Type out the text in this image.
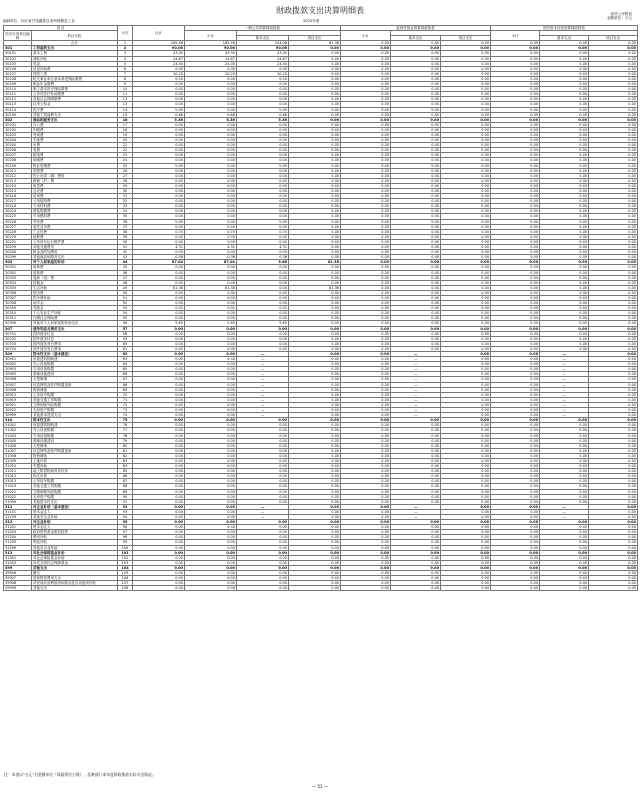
财政拨款支出决算明细表	财决公开附表
金额单位：万元
编制单位：四川省甘孜藏族自治州理塘县工业	2023年度
项 目		行次	合计	一般公共预算财政拨款			政府性基金预算财政拨款			国有资本经营预算财政拨款		
经济分类科目编码	科目名称			小计			小计			小计		
					基本支出	项目支出		基本支出	项目支出		基本支出	项目支出
	合计	1	185.46	185.46	104.08	81.38	0.00	0.00	0.00	0.00	0.00	0.00
301	工资福利支出	2	90.06	90.06	90.06	0.00	0.00	0.00	0.00	0.00	0.00	0.00
30101	基本工资	3	43.30	43.30	43.30	0.00	0.00	0.00	0.00	0.00	0.00	0.00
30102	津贴补贴	4	14.87	14.87	14.87	0.00	0.00	0.00	0.00	0.00	0.00	0.00
30103	奖金	5	24.00	24.00	24.00	0.00	0.00	0.00	0.00	0.00	0.00	0.00
30106	伙食补助费	6	0.00	0.00	0.00	0.00	0.00	0.00	0.00	0.00	0.00	0.00
30107	绩效工资	7	10.20	10.20	10.20	0.00	0.00	0.00	0.00	0.00	0.00	0.00
30108	机关事业单位基本养老保险缴费	8	0.00	0.00	0.00	0.00	0.00	0.00	0.00	0.00	0.00	0.00
30109	职业年金缴费	9	0.00	0.00	0.00	0.00	0.00	0.00	0.00	0.00	0.00	0.00
30110	职工基本医疗保险缴费	10	0.00	0.00	0.00	0.00	0.00	0.00	0.00	0.00	0.00	0.00
30111	公务员医疗补助缴费	11	0.00	0.00	0.00	0.00	0.00	0.00	0.00	0.00	0.00	0.00
30112	其他社会保障缴费	12	0.00	0.00	0.00	0.00	0.00	0.00	0.00	0.00	0.00	0.00
30113	住房公积金	13	0.00	0.00	0.00	0.00	0.00	0.00	0.00	0.00	0.00	0.00
30114	医疗费	14	0.00	0.00	0.00	0.00	0.00	0.00	0.00	0.00	0.00	0.00
30199	其他工资福利支出	15	0.68	0.68	0.68	0.00	0.00	0.00	0.00	0.00	0.00	0.00
302	商品和服务支出	16	5.36	5.36	5.36	0.00	0.00	0.00	0.00	0.00	0.00	0.00
30201	办公费	17	0.00	0.00	0.00	0.00	0.00	0.00	0.00	0.00	0.00	0.00
30202	印刷费	18	0.00	0.00	0.00	0.00	0.00	0.00	0.00	0.00	0.00	0.00
30203	咨询费	19	0.00	0.00	0.00	0.00	0.00	0.00	0.00	0.00	0.00	0.00
30204	手续费	20	0.00	0.00	0.00	0.00	0.00	0.00	0.00	0.00	0.00	0.00
30205	水费	21	0.00	0.00	0.00	0.00	0.00	0.00	0.00	0.00	0.00	0.00
30206	电费	22	0.00	0.00	0.00	0.00	0.00	0.00	0.00	0.00	0.00	0.00
30207	邮电费	23	0.00	0.00	0.00	0.00	0.00	0.00	0.00	0.00	0.00	0.00
30208	取暖费	24	0.00	0.00	0.00	0.00	0.00	0.00	0.00	0.00	0.00	0.00
30209	物业管理费	25	0.00	0.00	0.00	0.00	0.00	0.00	0.00	0.00	0.00	0.00
30211	差旅费	26	0.00	0.00	0.00	0.00	0.00	0.00	0.00	0.00	0.00	0.00
30212	因公出国（境）费用	27	0.00	0.00	0.00	0.00	0.00	0.00	0.00	0.00	0.00	0.00
30213	维修（护）费	28	0.00	0.00	0.00	0.00	0.00	0.00	0.00	0.00	0.00	0.00
30214	租赁费	29	0.00	0.00	0.00	0.00	0.00	0.00	0.00	0.00	0.00	0.00
30215	会议费	30	0.00	0.00	0.00	0.00	0.00	0.00	0.00	0.00	0.00	0.00
30216	培训费	31	0.00	0.00	0.00	0.00	0.00	0.00	0.00	0.00	0.00	0.00
30217	公务接待费	32	0.00	0.00	0.00	0.00	0.00	0.00	0.00	0.00	0.00	0.00
30218	专用材料费	33	0.00	0.00	0.00	0.00	0.00	0.00	0.00	0.00	0.00	0.00
30224	被装购置费	34	0.00	0.00	0.00	0.00	0.00	0.00	0.00	0.00	0.00	0.00
30225	专用燃料费	35	0.00	0.00	0.00	0.00	0.00	0.00	0.00	0.00	0.00	0.00
30226	劳务费	36	0.00	0.00	0.00	0.00	0.00	0.00	0.00	0.00	0.00	0.00
30227	委托业务费	37	0.00	0.00	0.00	0.00	0.00	0.00	0.00	0.00	0.00	0.00
30228	工会经费	38	0.70	0.70	0.70	0.00	0.00	0.00	0.00	0.00	0.00	0.00
30229	福利费	39	0.00	0.00	0.00	0.00	0.00	0.00	0.00	0.00	0.00	0.00
30231	公务用车运行维护费	40	0.00	0.00	0.00	0.00	0.00	0.00	0.00	0.00	0.00	0.00
30239	其他交通费用	41	4.31	4.31	4.31	0.00	0.00	0.00	0.00	0.00	0.00	0.00
30240	税金及附加费用	42	0.00	0.00	0.00	0.00	0.00	0.00	0.00	0.00	0.00	0.00
30299	其他商品和服务支出	43	0.36	0.36	0.36	0.00	0.00	0.00	0.00	0.00	0.00	0.00
303	对个人和家庭的补助	44	87.04	87.04	5.66	81.38	0.00	0.00	0.00	0.00	0.00	0.00
30301	离休费	45	0.00	0.00	0.00	0.00	0.00	0.00	0.00	0.00	0.00	0.00
30302	退休费	46	0.00	0.00	0.00	0.00	0.00	0.00	0.00	0.00	0.00	0.00
30303	退职（役）费	47	0.00	0.00	0.00	0.00	0.00	0.00	0.00	0.00	0.00	0.00
30304	抚恤金	48	0.00	0.00	0.00	0.00	0.00	0.00	0.00	0.00	0.00	0.00
30305	生活补助	49	81.38	81.38	0.00	81.38	0.00	0.00	0.00	0.00	0.00	0.00
30306	救济费	50	0.00	0.00	0.00	0.00	0.00	0.00	0.00	0.00	0.00	0.00
30307	医疗费补助	51	0.00	0.00	0.00	0.00	0.00	0.00	0.00	0.00	0.00	0.00
30308	助学金	52	0.00	0.00	0.00	0.00	0.00	0.00	0.00	0.00	0.00	0.00
30309	奖励金	53	0.01	0.01	0.01	0.00	0.00	0.00	0.00	0.00	0.00	0.00
30310	个人农业生产补贴	54	0.00	0.00	0.00	0.00	0.00	0.00	0.00	0.00	0.00	0.00
30311	代缴社会保险费	55	0.00	0.00	0.00	0.00	0.00	0.00	0.00	0.00	0.00	0.00
30399	其他对个人和家庭的补助支出	56	5.65	5.65	5.65	0.00	0.00	0.00	0.00	0.00	0.00	0.00
307	债务利息及费用支出	57	0.00	0.00	0.00	0.00	0.00	0.00	0.00	0.00	0.00	0.00
30701	国内债务付息	58	0.00	0.00	0.00	0.00	0.00	0.00	0.00	0.00	0.00	0.00
30702	国外债务付息	59	0.00	0.00	0.00	0.00	0.00	0.00	0.00	0.00	0.00	0.00
30703	国内债务发行费用	60	0.00	0.00	0.00	0.00	0.00	0.00	0.00	0.00	0.00	0.00
30704	国外债务发行费用	61	0.00	0.00	0.00	0.00	0.00	0.00	0.00	0.00	0.00	0.00
309	资本性支出（基本建设）	62	0.00	0.00	—	0.00	0.00	—	0.00	0.00	—	0.00
30901	房屋建筑物购建	63	0.00	0.00	—	0.00	0.00	—	0.00	0.00	—	0.00
30902	办公设备购置	64	0.00	0.00	—	0.00	0.00	—	0.00	0.00	—	0.00
30903	专用设备购置	65	0.00	0.00	—	0.00	0.00	—	0.00	0.00	—	0.00
30905	基础设施建设	66	0.00	0.00	—	0.00	0.00	—	0.00	0.00	—	0.00
30906	大型修缮	67	0.00	0.00	—	0.00	0.00	—	0.00	0.00	—	0.00
30907	信息网络及软件购置更新	68	0.00	0.00	—	0.00	0.00	—	0.00	0.00	—	0.00
30908	物资储备	69	0.00	0.00	—	0.00	0.00	—	0.00	0.00	—	0.00
30913	公务用车购置	70	0.00	0.00	—	0.00	0.00	—	0.00	0.00	—	0.00
30919	其他交通工具购置	71	0.00	0.00	—	0.00	0.00	—	0.00	0.00	—	0.00
30921	文物和陈列品购置	72	0.00	0.00	—	0.00	0.00	—	0.00	0.00	—	0.00
30922	无形资产购置	73	0.00	0.00	—	0.00	0.00	—	0.00	0.00	—	0.00
30999	其他基本建设支出	74	0.00	0.00	—	0.00	0.00	—	0.00	0.00	—	0.00
310	资本性支出	75	0.00	0.00	0.00	0.00	0.00	0.00	0.00	0.00	0.00	0.00
31001	房屋建筑物购建	76	0.00	0.00	0.00	0.00	0.00	0.00	0.00	0.00	0.00	0.00
31002	办公设备购置	77	0.00	0.00	0.00	0.00	0.00	0.00	0.00	0.00	0.00	0.00
31003	专用设备购置	78	0.00	0.00	0.00	0.00	0.00	0.00	0.00	0.00	0.00	0.00
31005	基础设施建设	79	0.00	0.00	0.00	0.00	0.00	0.00	0.00	0.00	0.00	0.00
31006	大型修缮	80	0.00	0.00	0.00	0.00	0.00	0.00	0.00	0.00	0.00	0.00
31007	信息网络及软件购置更新	81	0.00	0.00	0.00	0.00	0.00	0.00	0.00	0.00	0.00	0.00
31008	物资储备	82	0.00	0.00	0.00	0.00	0.00	0.00	0.00	0.00	0.00	0.00
31009	土地补偿	83	0.00	0.00	0.00	0.00	0.00	0.00	0.00	0.00	0.00	0.00
31010	安置补助	84	0.00	0.00	0.00	0.00	0.00	0.00	0.00	0.00	0.00	0.00
31011	地上附着物和青苗补偿	85	0.00	0.00	0.00	0.00	0.00	0.00	0.00	0.00	0.00	0.00
31012	拆迁补偿	86	0.00	0.00	0.00	0.00	0.00	0.00	0.00	0.00	0.00	0.00
31013	公务用车购置	87	0.00	0.00	0.00	0.00	0.00	0.00	0.00	0.00	0.00	0.00
31019	其他交通工具购置	88	0.00	0.00	0.00	0.00	0.00	0.00	0.00	0.00	0.00	0.00
31021	文物和陈列品购置	89	0.00	0.00	0.00	0.00	0.00	0.00	0.00	0.00	0.00	0.00
31022	无形资产购置	90	0.00	0.00	0.00	0.00	0.00	0.00	0.00	0.00	0.00	0.00
31099	其他资本性支出	91	0.00	0.00	0.00	0.00	0.00	0.00	0.00	0.00	0.00	0.00
311	对企业补助（基本建设）	92	0.00	0.00	—	0.00	0.00	—	0.00	0.00	—	0.00
31101	资本金注入	93	0.00	0.00	—	0.00	0.00	—	0.00	0.00	—	0.00
31199	其他对企业补助	94	0.00	0.00	—	0.00	0.00	—	0.00	0.00	—	0.00
312	对企业补助	95	0.00	0.00	0.00	0.00	0.00	0.00	0.00	0.00	0.00	0.00
31201	资本金注入	96	0.00	0.00	0.00	0.00	0.00	0.00	0.00	0.00	0.00	0.00
31203	政府投资基金股权投资	97	0.00	0.00	0.00	0.00	0.00	0.00	0.00	0.00	0.00	0.00
31204	费用补贴	98	0.00	0.00	0.00	0.00	0.00	0.00	0.00	0.00	0.00	0.00
31205	利息补贴	99	0.00	0.00	0.00	0.00	0.00	0.00	0.00	0.00	0.00	0.00
31299	其他对企业补助	100	0.00	0.00	0.00	0.00	0.00	0.00	0.00	0.00	0.00	0.00
313	对社会保障基金补助	101	0.00	0.00	0.00	0.00	0.00	0.00	0.00	0.00	0.00	0.00
31302	对社会保险基金补助	102	0.00	0.00	0.00	0.00	0.00	0.00	0.00	0.00	0.00	0.00
31303	补充全国社会保障基金	103	0.00	0.00	0.00	0.00	0.00	0.00	0.00	0.00	0.00	0.00
399	其他支出	104	0.00	0.00	0.00	0.00	0.00	0.00	0.00	0.00	0.00	0.00
39906	赠与	105	0.00	0.00	0.00	0.00	0.00	0.00	0.00	0.00	0.00	0.00
39907	国家赔偿费用支出	106	0.00	0.00	0.00	0.00	0.00	0.00	0.00	0.00	0.00	0.00
39908	对民间非营利组织和群众性自治组织补贴	107	0.00	0.00	0.00	0.00	0.00	0.00	0.00	0.00	0.00	0.00
39999	其他支出	108	0.00	0.00	0.00	0.00	0.00	0.00	0.00	0.00	0.00	0.00
注：本表以"万元"为金额单位（保留两位小数），反映部门本年度财政拨款实际支出情况。
— 51 —
